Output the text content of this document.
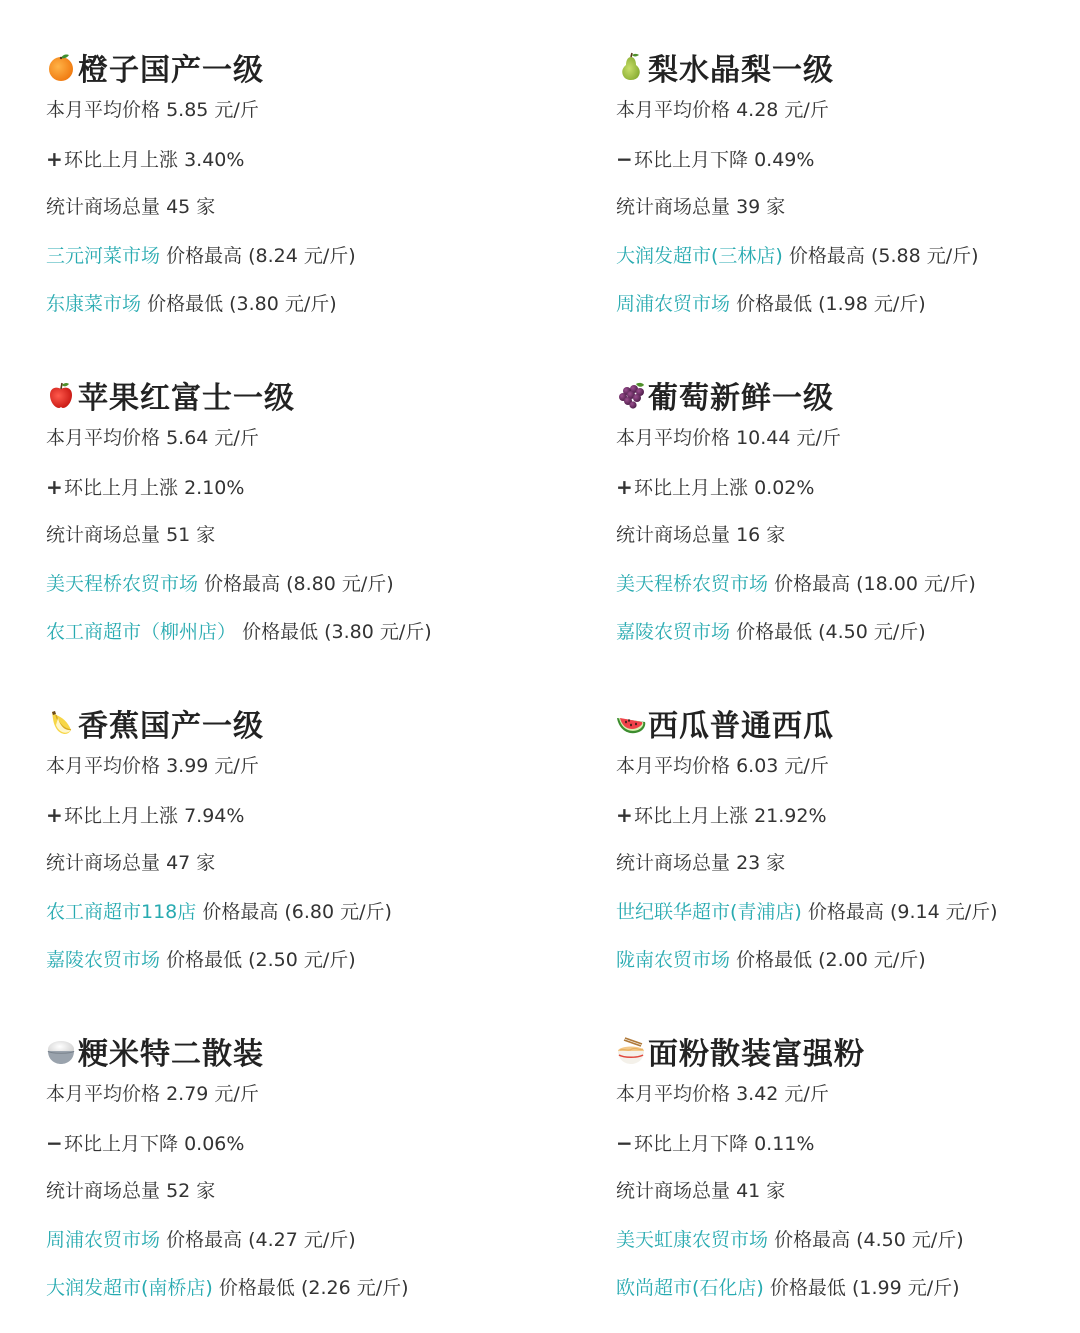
橙子国产一级
本月平均价格 5.85 元/斤
+环比上月上涨 3.40%
统计商场总量 45 家
三元河菜市场 价格最高 (8.24 元/斤)
东康菜市场 价格最低 (3.80 元/斤)
梨水晶梨一级
本月平均价格 4.28 元/斤
−环比上月下降 0.49%
统计商场总量 39 家
大润发超市(三林店) 价格最高 (5.88 元/斤)
周浦农贸市场 价格最低 (1.98 元/斤)
苹果红富士一级
本月平均价格 5.64 元/斤
+环比上月上涨 2.10%
统计商场总量 51 家
美天程桥农贸市场 价格最高 (8.80 元/斤)
农工商超市（柳州店） 价格最低 (3.80 元/斤)
葡萄新鲜一级
本月平均价格 10.44 元/斤
+环比上月上涨 0.02%
统计商场总量 16 家
美天程桥农贸市场 价格最高 (18.00 元/斤)
嘉陵农贸市场 价格最低 (4.50 元/斤)
香蕉国产一级
本月平均价格 3.99 元/斤
+环比上月上涨 7.94%
统计商场总量 47 家
农工商超市118店 价格最高 (6.80 元/斤)
嘉陵农贸市场 价格最低 (2.50 元/斤)
西瓜普通西瓜
本月平均价格 6.03 元/斤
+环比上月上涨 21.92%
统计商场总量 23 家
世纪联华超市(青浦店) 价格最高 (9.14 元/斤)
陇南农贸市场 价格最低 (2.00 元/斤)
粳米特二散装
本月平均价格 2.79 元/斤
−环比上月下降 0.06%
统计商场总量 52 家
周浦农贸市场 价格最高 (4.27 元/斤)
大润发超市(南桥店) 价格最低 (2.26 元/斤)
面粉散装富强粉
本月平均价格 3.42 元/斤
−环比上月下降 0.11%
统计商场总量 41 家
美天虹康农贸市场 价格最高 (4.50 元/斤)
欧尚超市(石化店) 价格最低 (1.99 元/斤)
